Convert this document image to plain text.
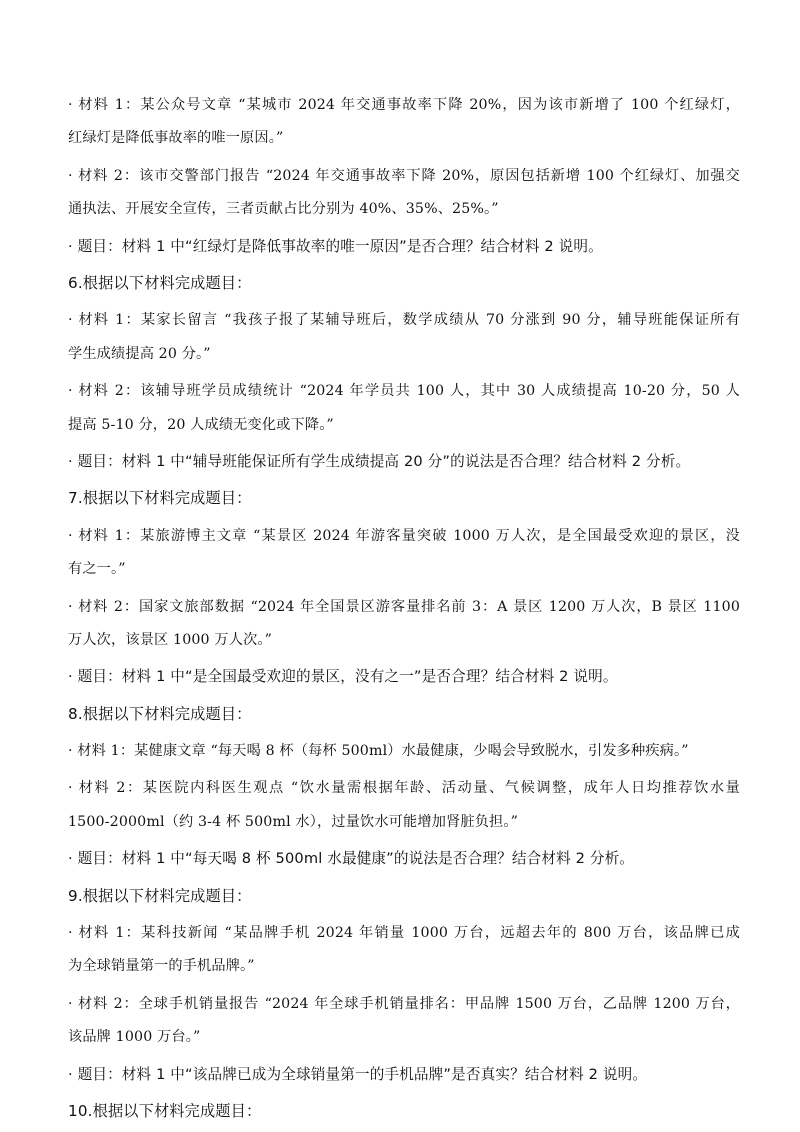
· 材料 1：某公众号文章 “某城市 2024 年交通事故率下降 20%，因为该市新增了 100 个红绿灯，
红绿灯是降低事故率的唯一原因。”
· 材料 2：该市交警部门报告 “2024 年交通事故率下降 20%，原因包括新增 100 个红绿灯、加强交
通执法、开展安全宣传，三者贡献占比分别为 40%、35%、25%。”
· 题目：材料 1 中“红绿灯是降低事故率的唯一原因”是否合理？结合材料 2 说明。
6.根据以下材料完成题目：
· 材料 1：某家长留言 “我孩子报了某辅导班后，数学成绩从 70 分涨到 90 分，辅导班能保证所有
学生成绩提高 20 分。”
· 材料 2：该辅导班学员成绩统计 “2024 年学员共 100 人，其中 30 人成绩提高 10-20 分，50 人
提高 5-10 分，20 人成绩无变化或下降。”
· 题目：材料 1 中“辅导班能保证所有学生成绩提高 20 分”的说法是否合理？结合材料 2 分析。
7.根据以下材料完成题目：
· 材料 1：某旅游博主文章 “某景区 2024 年游客量突破 1000 万人次，是全国最受欢迎的景区，没
有之一。”
· 材料 2：国家文旅部数据 “2024 年全国景区游客量排名前 3：A 景区 1200 万人次，B 景区 1100
万人次，该景区 1000 万人次。”
· 题目：材料 1 中“是全国最受欢迎的景区，没有之一”是否合理？结合材料 2 说明。
8.根据以下材料完成题目：
· 材料 1：某健康文章 “每天喝 8 杯（每杯 500ml）水最健康，少喝会导致脱水，引发多种疾病。”
· 材料 2：某医院内科医生观点 “饮水量需根据年龄、活动量、气候调整，成年人日均推荐饮水量
1500-2000ml（约 3-4 杯 500ml 水），过量饮水可能增加肾脏负担。”
· 题目：材料 1 中“每天喝 8 杯 500ml 水最健康”的说法是否合理？结合材料 2 分析。
9.根据以下材料完成题目：
· 材料 1：某科技新闻 “某品牌手机 2024 年销量 1000 万台，远超去年的 800 万台，该品牌已成
为全球销量第一的手机品牌。”
· 材料 2：全球手机销量报告 “2024 年全球手机销量排名：甲品牌 1500 万台，乙品牌 1200 万台，
该品牌 1000 万台。”
· 题目：材料 1 中“该品牌已成为全球销量第一的手机品牌”是否真实？结合材料 2 说明。
10.根据以下材料完成题目：
